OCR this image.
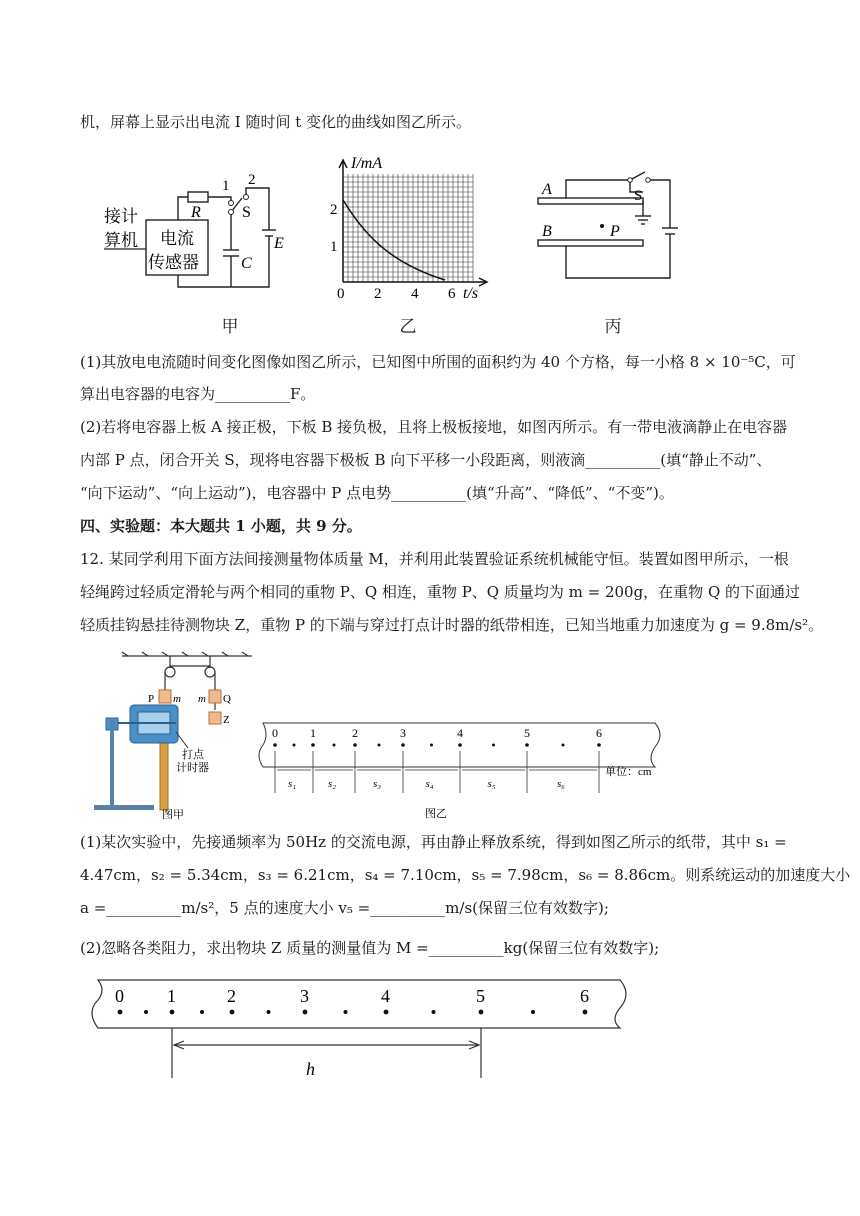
机，屏幕上显示出电流 I 随时间 t 变化的曲线如图乙所示。
1 2
R	S
C
E
接计
算机 电流
传感器
甲
I/mA
t/s
1
2
0 2 4 6
乙
A
B	P
S
丙
(1)其放电电流随时间变化图像如图乙所示，已知图中所围的面积约为 40 个方格，每一小格 8 × 10⁻⁵C，可
算出电容器的电容为__________F。
(2)若将电容器上板 A 接正极，下板 B 接负极，且将上极板接地，如图丙所示。有一带电液滴静止在电容器
内部 P 点，闭合开关 S，现将电容器下极板 B 向下平移一小段距离，则液滴__________(填“静止不动”、
“向下运动”、“向上运动”)，电容器中 P 点电势__________(填“升高”、“降低”、“不变”)。
四、实验题：本大题共 1 小题，共 9 分。
12. 某同学利用下面方法间接测量物体质量 M，并利用此装置验证系统机械能守恒。装置如图甲所示，一根
轻绳跨过轻质定滑轮与两个相同的重物 P、Q 相连，重物 P、Q 质量均为 m = 200g，在重物 Q 的下面通过
轻质挂钩悬挂待测物块 Z，重物 P 的下端与穿过打点计时器的纸带相连，已知当地重力加速度为 g = 9.8m/s²。
P m m Q
Z
打点
计时器
图甲
0	1	2	3	4	5	6
s₁	s₂	s₃	s₄	s₅	s₆
单位：cm
图乙
(1)某次实验中，先接通频率为 50Hz 的交流电源，再由静止释放系统，得到如图乙所示的纸带，其中 s₁ =
4.47cm，s₂ = 5.34cm，s₃ = 6.21cm，s₄ = 7.10cm，s₅ = 7.98cm，s₆ = 8.86cm。则系统运动的加速度大小
a =__________m/s²，5 点的速度大小 v₅ =__________m/s(保留三位有效数字);
(2)忽略各类阻力，求出物块 Z 质量的测量值为 M =__________kg(保留三位有效数字);
0 1	2	3	4	5	6
h
